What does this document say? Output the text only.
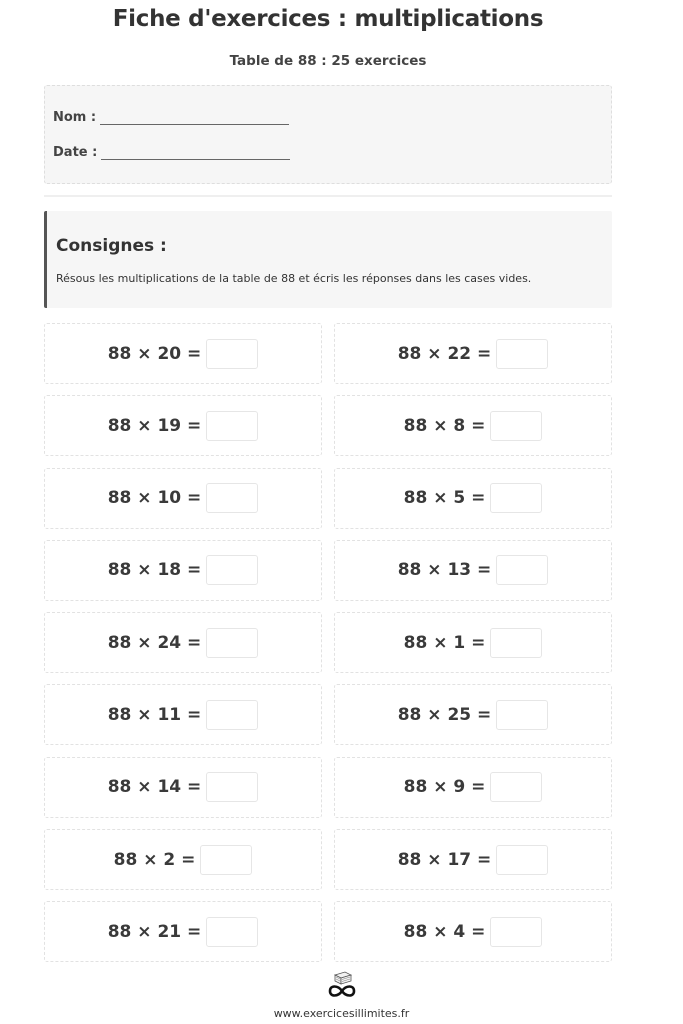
Fiche d'exercices : multiplications
Table de 88 : 25 exercices
Nom :
Date :
Consignes :

Résous les multiplications de la table de 88 et écris les réponses dans les cases vides.

88 × 20 =	88 × 22 =
88 × 19 =	88 × 8 =
88 × 10 =	88 × 5 =
88 × 18 =	88 × 13 =
88 × 24 =	88 × 1 =
88 × 11 =	88 × 25 =
88 × 14 =	88 × 9 =
88 × 2 =	88 × 17 =
88 × 21 =	88 × 4 =
www.exercicesillimites.fr
